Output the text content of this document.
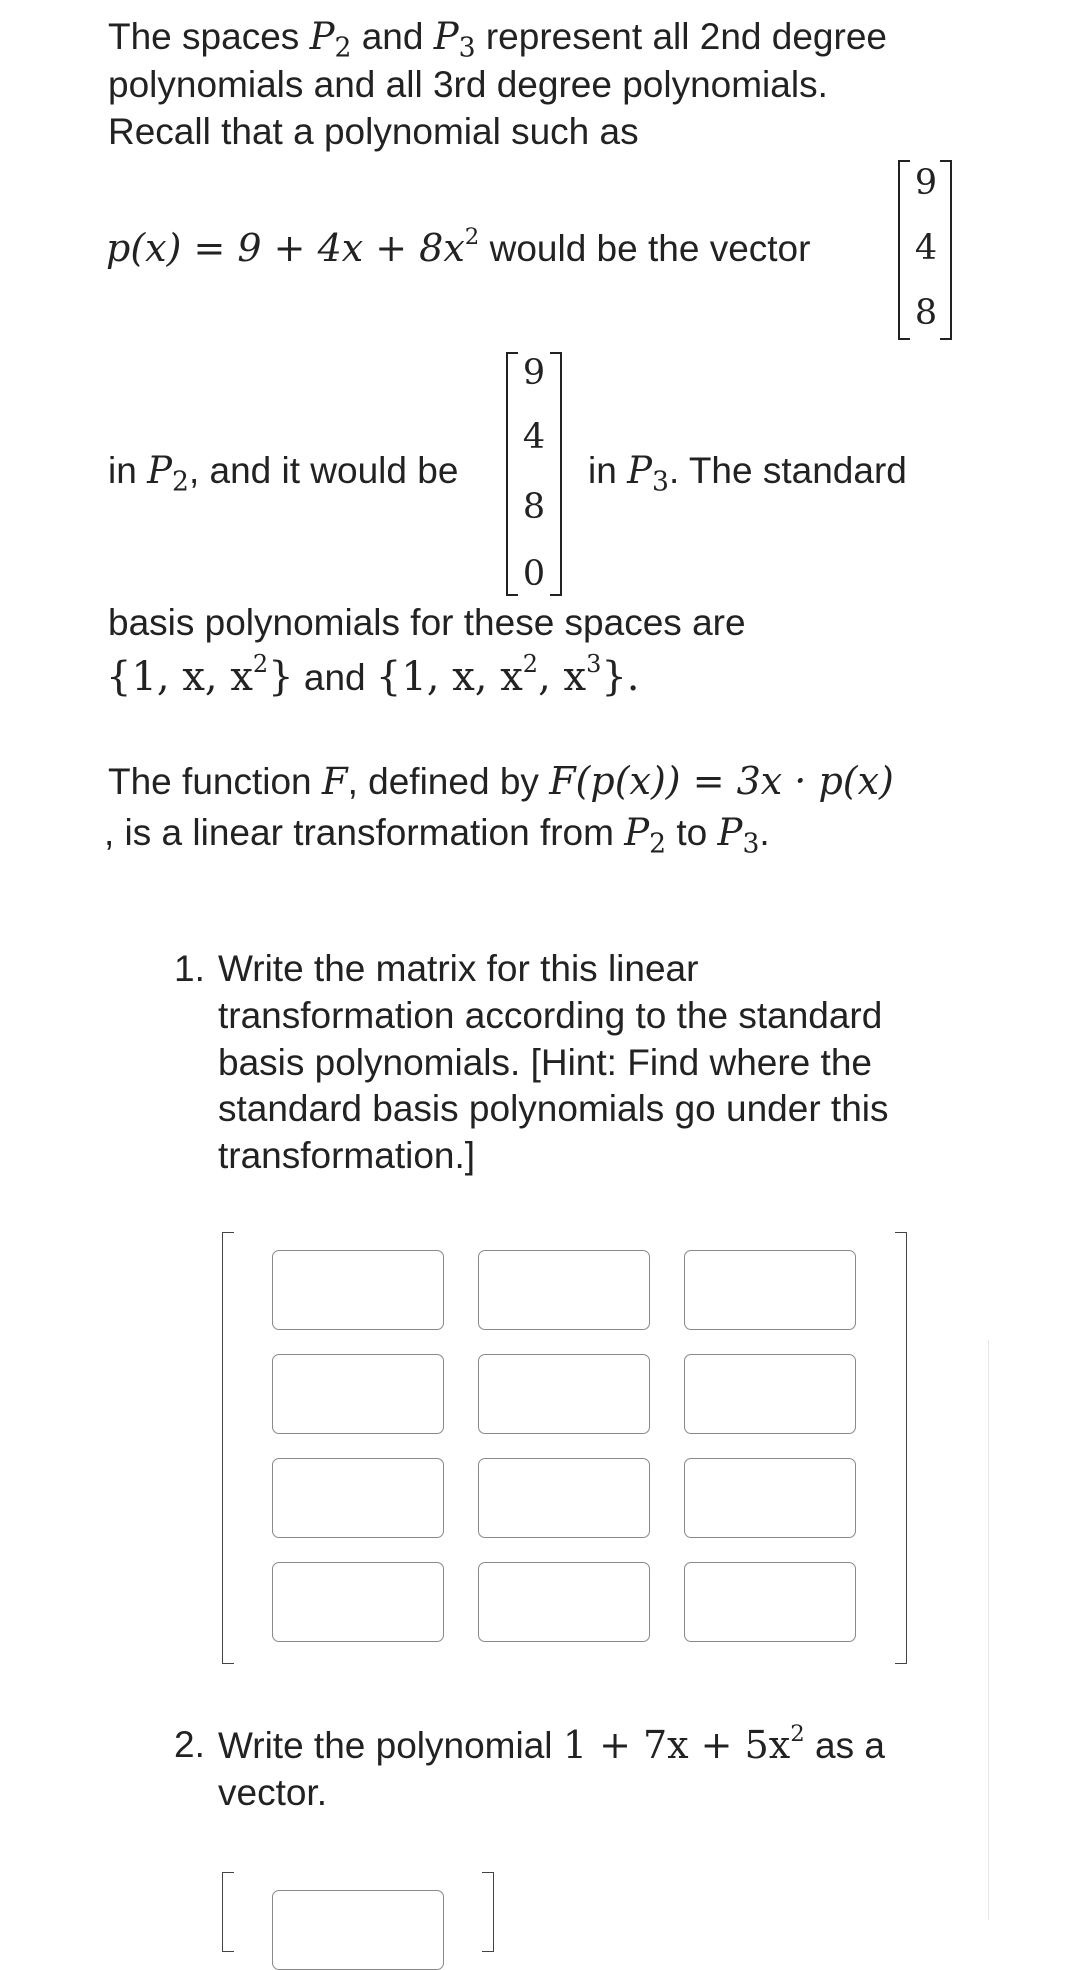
The spaces $P_2$ and $P_3$ represent all 2nd degree
polynomials and all 3rd degree polynomials.
Recall that a polynomial such as
$p(x) = 9 + 4x + 8x^2$ would be the vector
9
4
8
in $P_2$, and it would be
9
4
8
0
in $P_3$. The standard
basis polynomials for these spaces are
{1, x, $x^2$} and {1, x, $x^2$, $x^3$}.
The function F, defined by F(p(x)) = 3x · p(x)
, is a linear transformation from $P_2$ to $P_3$.
1. Write the matrix for this linear
transformation according to the standard
basis polynomials. [Hint: Find where the
standard basis polynomials go under this
transformation.]
2. Write the polynomial $1 + 7x + 5x^2$ as a
vector.
